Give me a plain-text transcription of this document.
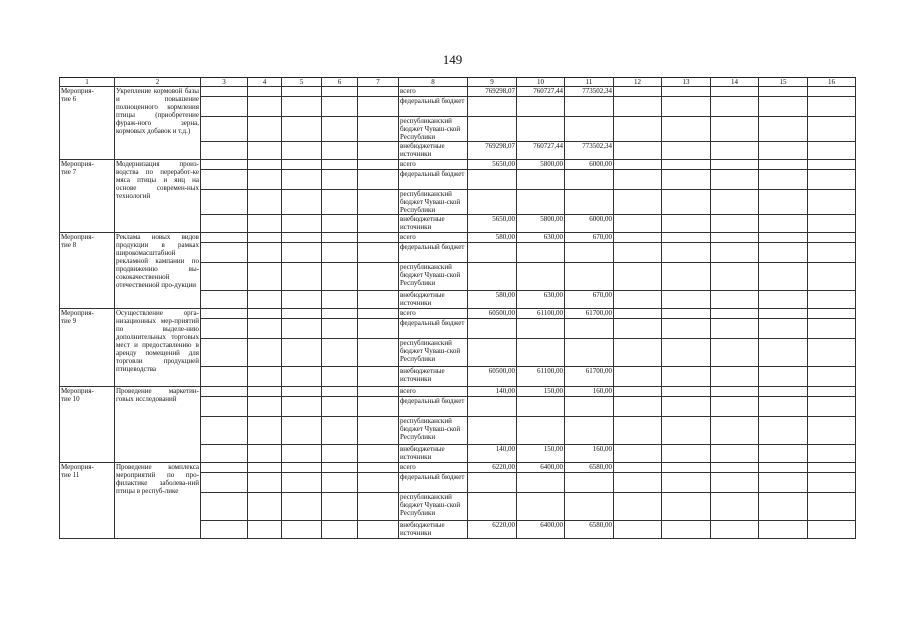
149
1	2	3	4	5	6	7	8	9	10	11	12	13	14	15	16
Мероприя-
тие 6	Укрепление кормовой базы и повышение полноценного кормления птицы (приобретение фураж-ного зерна, кормовых добавок и т.д.)						всего	769298,07	760727,44	773502,34					
							федеральный бюджет								
							республиканский бюджет Чуваш-ской Республики								
							внебюджетные источники	769298,07	760727,44	773502,34					
Мероприя-
тие 7	Модернизация произ-водства по переработ-ке мяса птицы и яиц на основе современ-ных технологий						всего	5650,00	5800,00	6000,00					
							федеральный бюджет								
							республиканский бюджет Чуваш-ской Республики								
							внебюджетные источники	5650,00	5800,00	6000,00					
Мероприя-
тие 8	Реклама новых видов продукции в рамках широкомасштабной рекламной кампании по продвижению вы-сококачественной отечественной про-дукции						всего	580,00	630,00	670,00					
							федеральный бюджет								
							республиканский бюджет Чуваш-ской Республики								
							внебюджетные источники	580,00	630,00	670,00					
Мероприя-
тие 9	Осуществление орга-низационных мер-приятий по выделе-нию дополнительных торговых мест и предоставлению в аренду помещений для торговли продукцией птицеводства						всего	60500,00	61100,00	61700,00					
							федеральный бюджет								
							республиканский бюджет Чуваш-ской Республики								
							внебюджетные источники	60500,00	61100,00	61700,00					
Мероприя-
тие 10	Проведение маркетин-говых исследований						всего	140,00	150,00	160,00					
							федеральный бюджет								
							республиканский бюджет Чуваш-ской Республики								
							внебюджетные источники	140,00	150,00	160,00					
Мероприя-
тие 11	Проведение комплекса мероприятий по про-филактике заболева-ний птицы в респуб-лике						всего	6220,00	6400,00	6580,00					
							федеральный бюджет								
							республиканский бюджет Чуваш-ской Республики								
							внебюджетные источники	6220,00	6400,00	6580,00					
